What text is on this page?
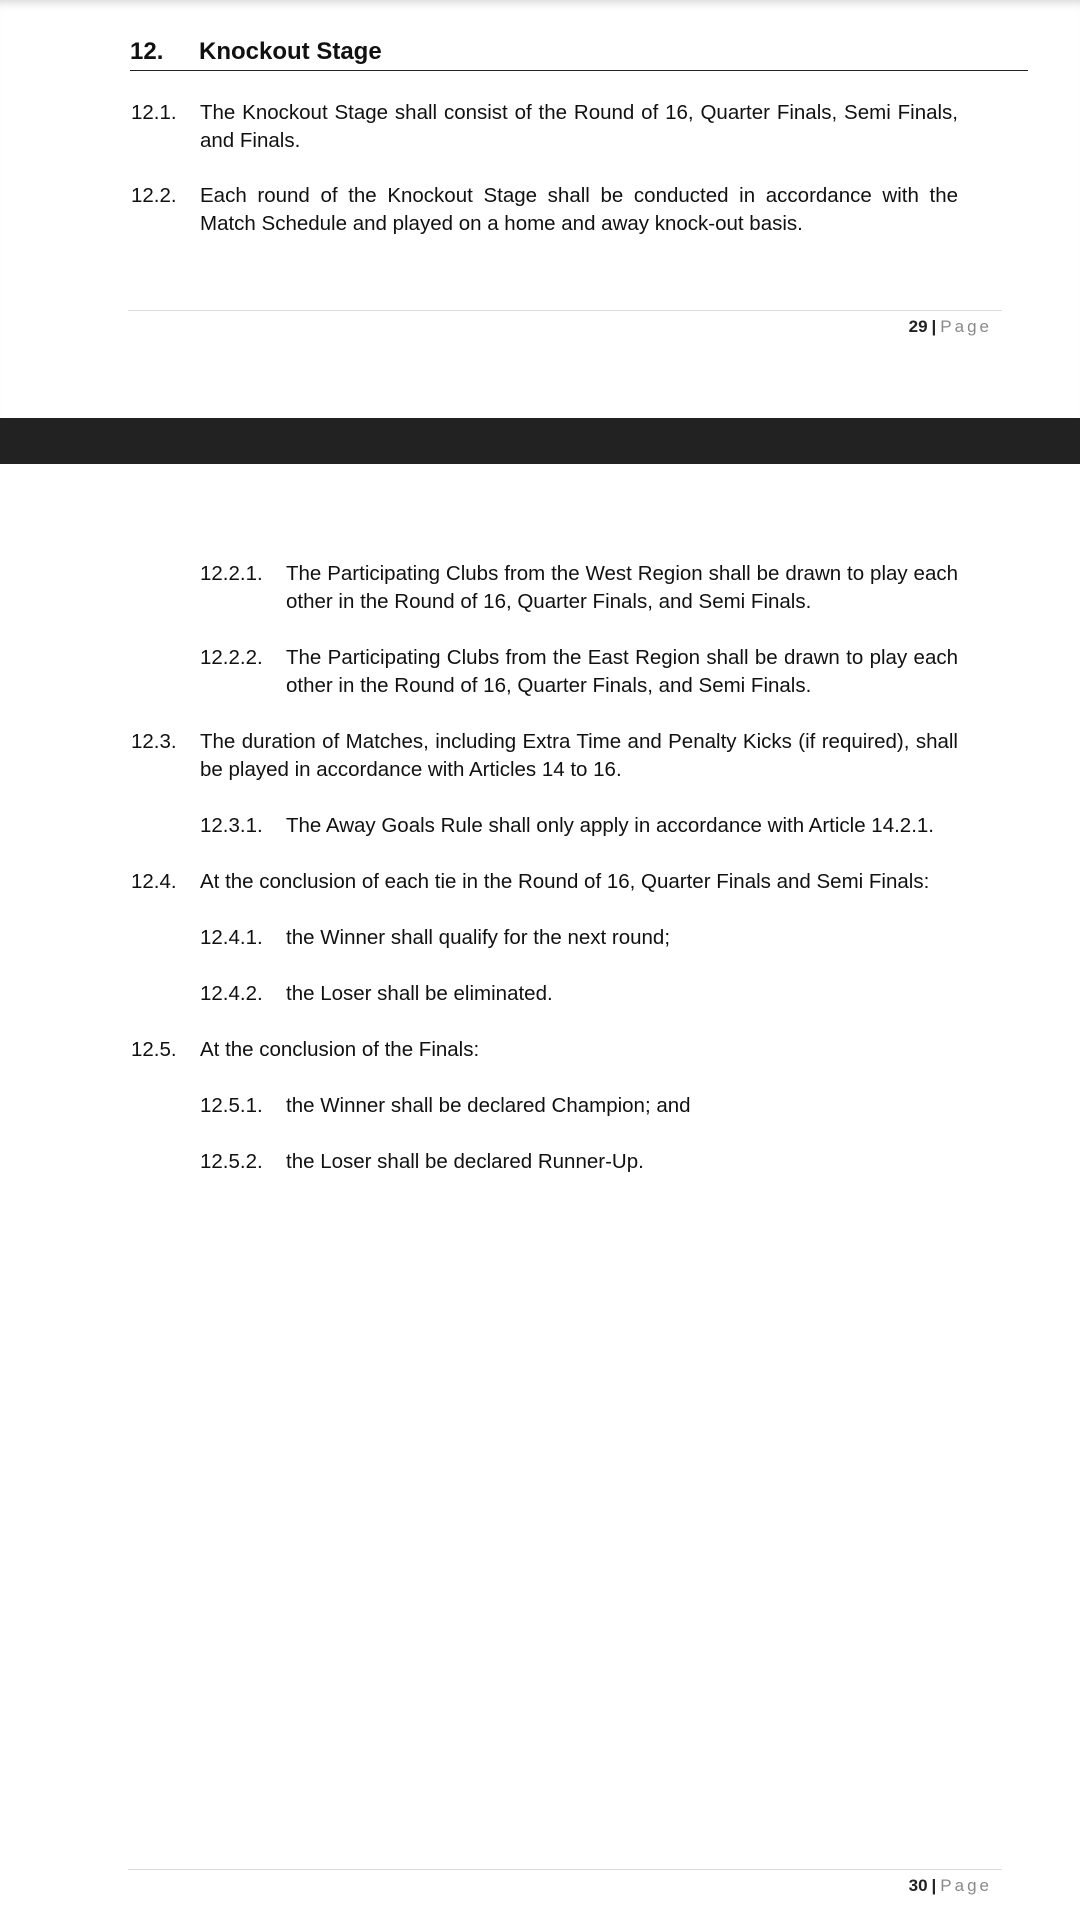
12. Knockout Stage
12.1. The Knockout Stage shall consist of the Round of 16, Quarter Finals, Semi Finals, and Finals.
12.2. Each round of the Knockout Stage shall be conducted in accordance with the Match Schedule and played on a home and away knock-out basis.
29 | Page
12.2.1. The Participating Clubs from the West Region shall be drawn to play each other in the Round of 16, Quarter Finals, and Semi Finals.
12.2.2. The Participating Clubs from the East Region shall be drawn to play each other in the Round of 16, Quarter Finals, and Semi Finals.
12.3. The duration of Matches, including Extra Time and Penalty Kicks (if required), shall be played in accordance with Articles 14 to 16.
12.3.1. The Away Goals Rule shall only apply in accordance with Article 14.2.1.
12.4. At the conclusion of each tie in the Round of 16, Quarter Finals and Semi Finals:
12.4.1. the Winner shall qualify for the next round;
12.4.2. the Loser shall be eliminated.
12.5. At the conclusion of the Finals:
12.5.1. the Winner shall be declared Champion; and
12.5.2. the Loser shall be declared Runner-Up.
30 | Page
